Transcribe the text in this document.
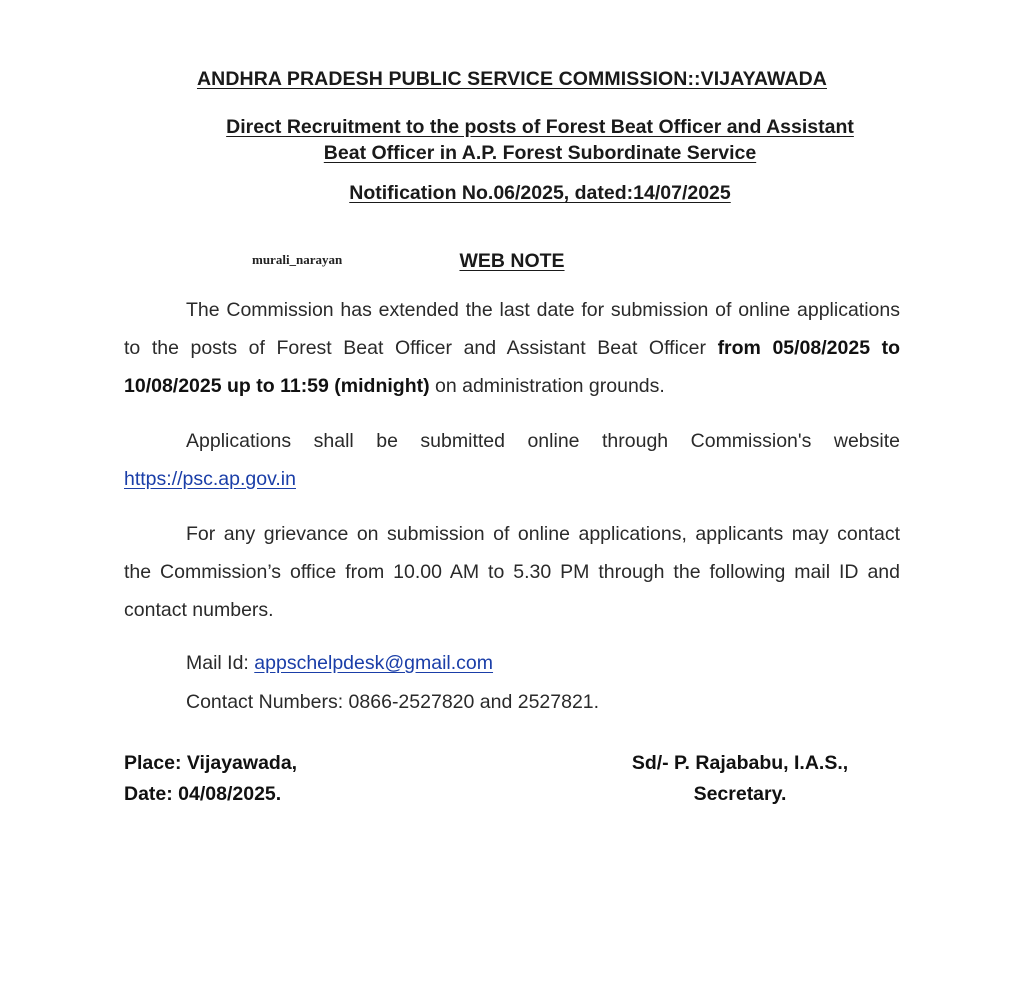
ANDHRA PRADESH PUBLIC SERVICE COMMISSION::VIJAYAWADA
Direct Recruitment to the posts of Forest Beat Officer and Assistant
Beat Officer in A.P. Forest Subordinate Service
Notification No.06/2025, dated:14/07/2025
murali_narayan	WEB NOTE
The Commission has extended the last date for submission of online applications to the posts of Forest Beat Officer and Assistant Beat Officer from 05/08/2025 to 10/08/2025 up to 11:59 (midnight) on administration grounds.
Applications shall be submitted online through Commission's website https://psc.ap.gov.in
For any grievance on submission of online applications, applicants may contact the Commission’s office from 10.00 AM to 5.30 PM through the following mail ID and contact numbers.
Mail Id: appschelpdesk@gmail.com
Contact Numbers: 0866-2527820 and 2527821.
Place: Vijayawada,
Date: 04/08/2025.
Sd/- P. Rajababu, I.A.S.,
Secretary.
